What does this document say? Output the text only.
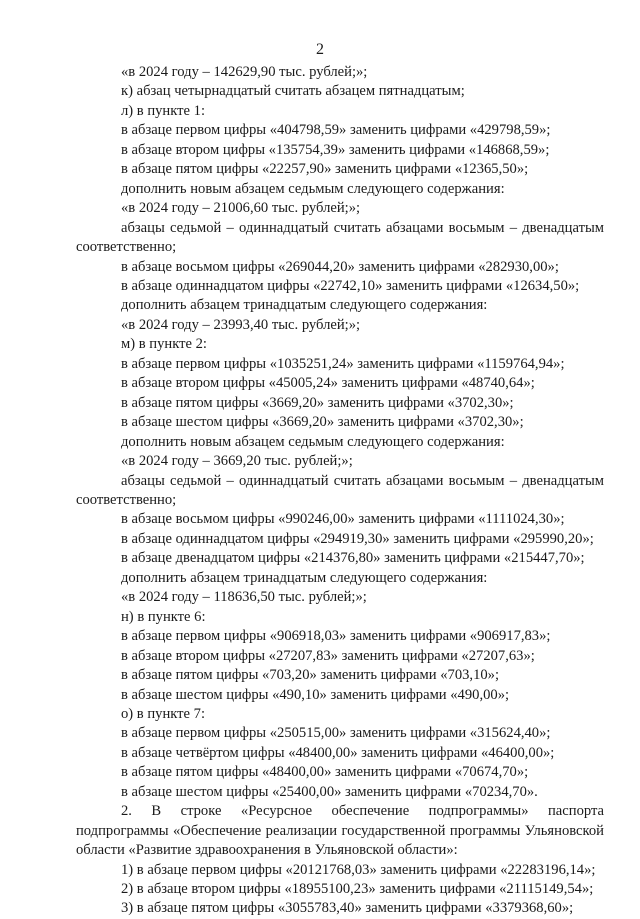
2

«в 2024 году – 142629,90 тыс. рублей;»;

к) абзац четырнадцатый считать абзацем пятнадцатым;

л) в пункте 1:

в абзаце первом цифры «404798,59» заменить цифрами «429798,59»;

в абзаце втором цифры «135754,39» заменить цифрами «146868,59»;

в абзаце пятом цифры «22257,90» заменить цифрами «12365,50»;

дополнить новым абзацем седьмым следующего содержания:

«в 2024 году – 21006,60 тыс. рублей;»;

абзацы седьмой – одиннадцатый считать абзацами восьмым – двенадцатым соответственно;

в абзаце восьмом цифры «269044,20» заменить цифрами «282930,00»;

в абзаце одиннадцатом цифры «22742,10» заменить цифрами «12634,50»;

дополнить абзацем тринадцатым следующего содержания:

«в 2024 году – 23993,40 тыс. рублей;»;

м) в пункте 2:

в абзаце первом цифры «1035251,24» заменить цифрами «1159764,94»;

в абзаце втором цифры «45005,24» заменить цифрами «48740,64»;

в абзаце пятом цифры «3669,20» заменить цифрами «3702,30»;

в абзаце шестом цифры «3669,20» заменить цифрами «3702,30»;

дополнить новым абзацем седьмым следующего содержания:

«в 2024 году – 3669,20 тыс. рублей;»;

абзацы седьмой – одиннадцатый считать абзацами восьмым – двенадцатым соответственно;

в абзаце восьмом цифры «990246,00» заменить цифрами «1111024,30»;

в абзаце одиннадцатом цифры «294919,30» заменить цифрами «295990,20»;

в абзаце двенадцатом цифры «214376,80» заменить цифрами «215447,70»;

дополнить абзацем тринадцатым следующего содержания:

«в 2024 году – 118636,50 тыс. рублей;»;

н) в пункте 6:

в абзаце первом цифры «906918,03» заменить цифрами «906917,83»;

в абзаце втором цифры «27207,83» заменить цифрами «27207,63»;

в абзаце пятом цифры «703,20» заменить цифрами «703,10»;

в абзаце шестом цифры «490,10» заменить цифрами «490,00»;

о) в пункте 7:

в абзаце первом цифры «250515,00» заменить цифрами «315624,40»;

в абзаце четвёртом цифры «48400,00» заменить цифрами «46400,00»;

в абзаце пятом цифры «48400,00» заменить цифрами «70674,70»;

в абзаце шестом цифры «25400,00» заменить цифрами «70234,70».

2. В строке «Ресурсное обеспечение подпрограммы» паспорта подпрограммы «Обеспечение реализации государственной программы Ульяновской области «Развитие здравоохранения в Ульяновской области»:

1) в абзаце первом цифры «20121768,03» заменить цифрами «22283196,14»;

2) в абзаце втором цифры «18955100,23» заменить цифрами «21115149,54»;

3) в абзаце пятом цифры «3055783,40» заменить цифрами «3379368,60»;
